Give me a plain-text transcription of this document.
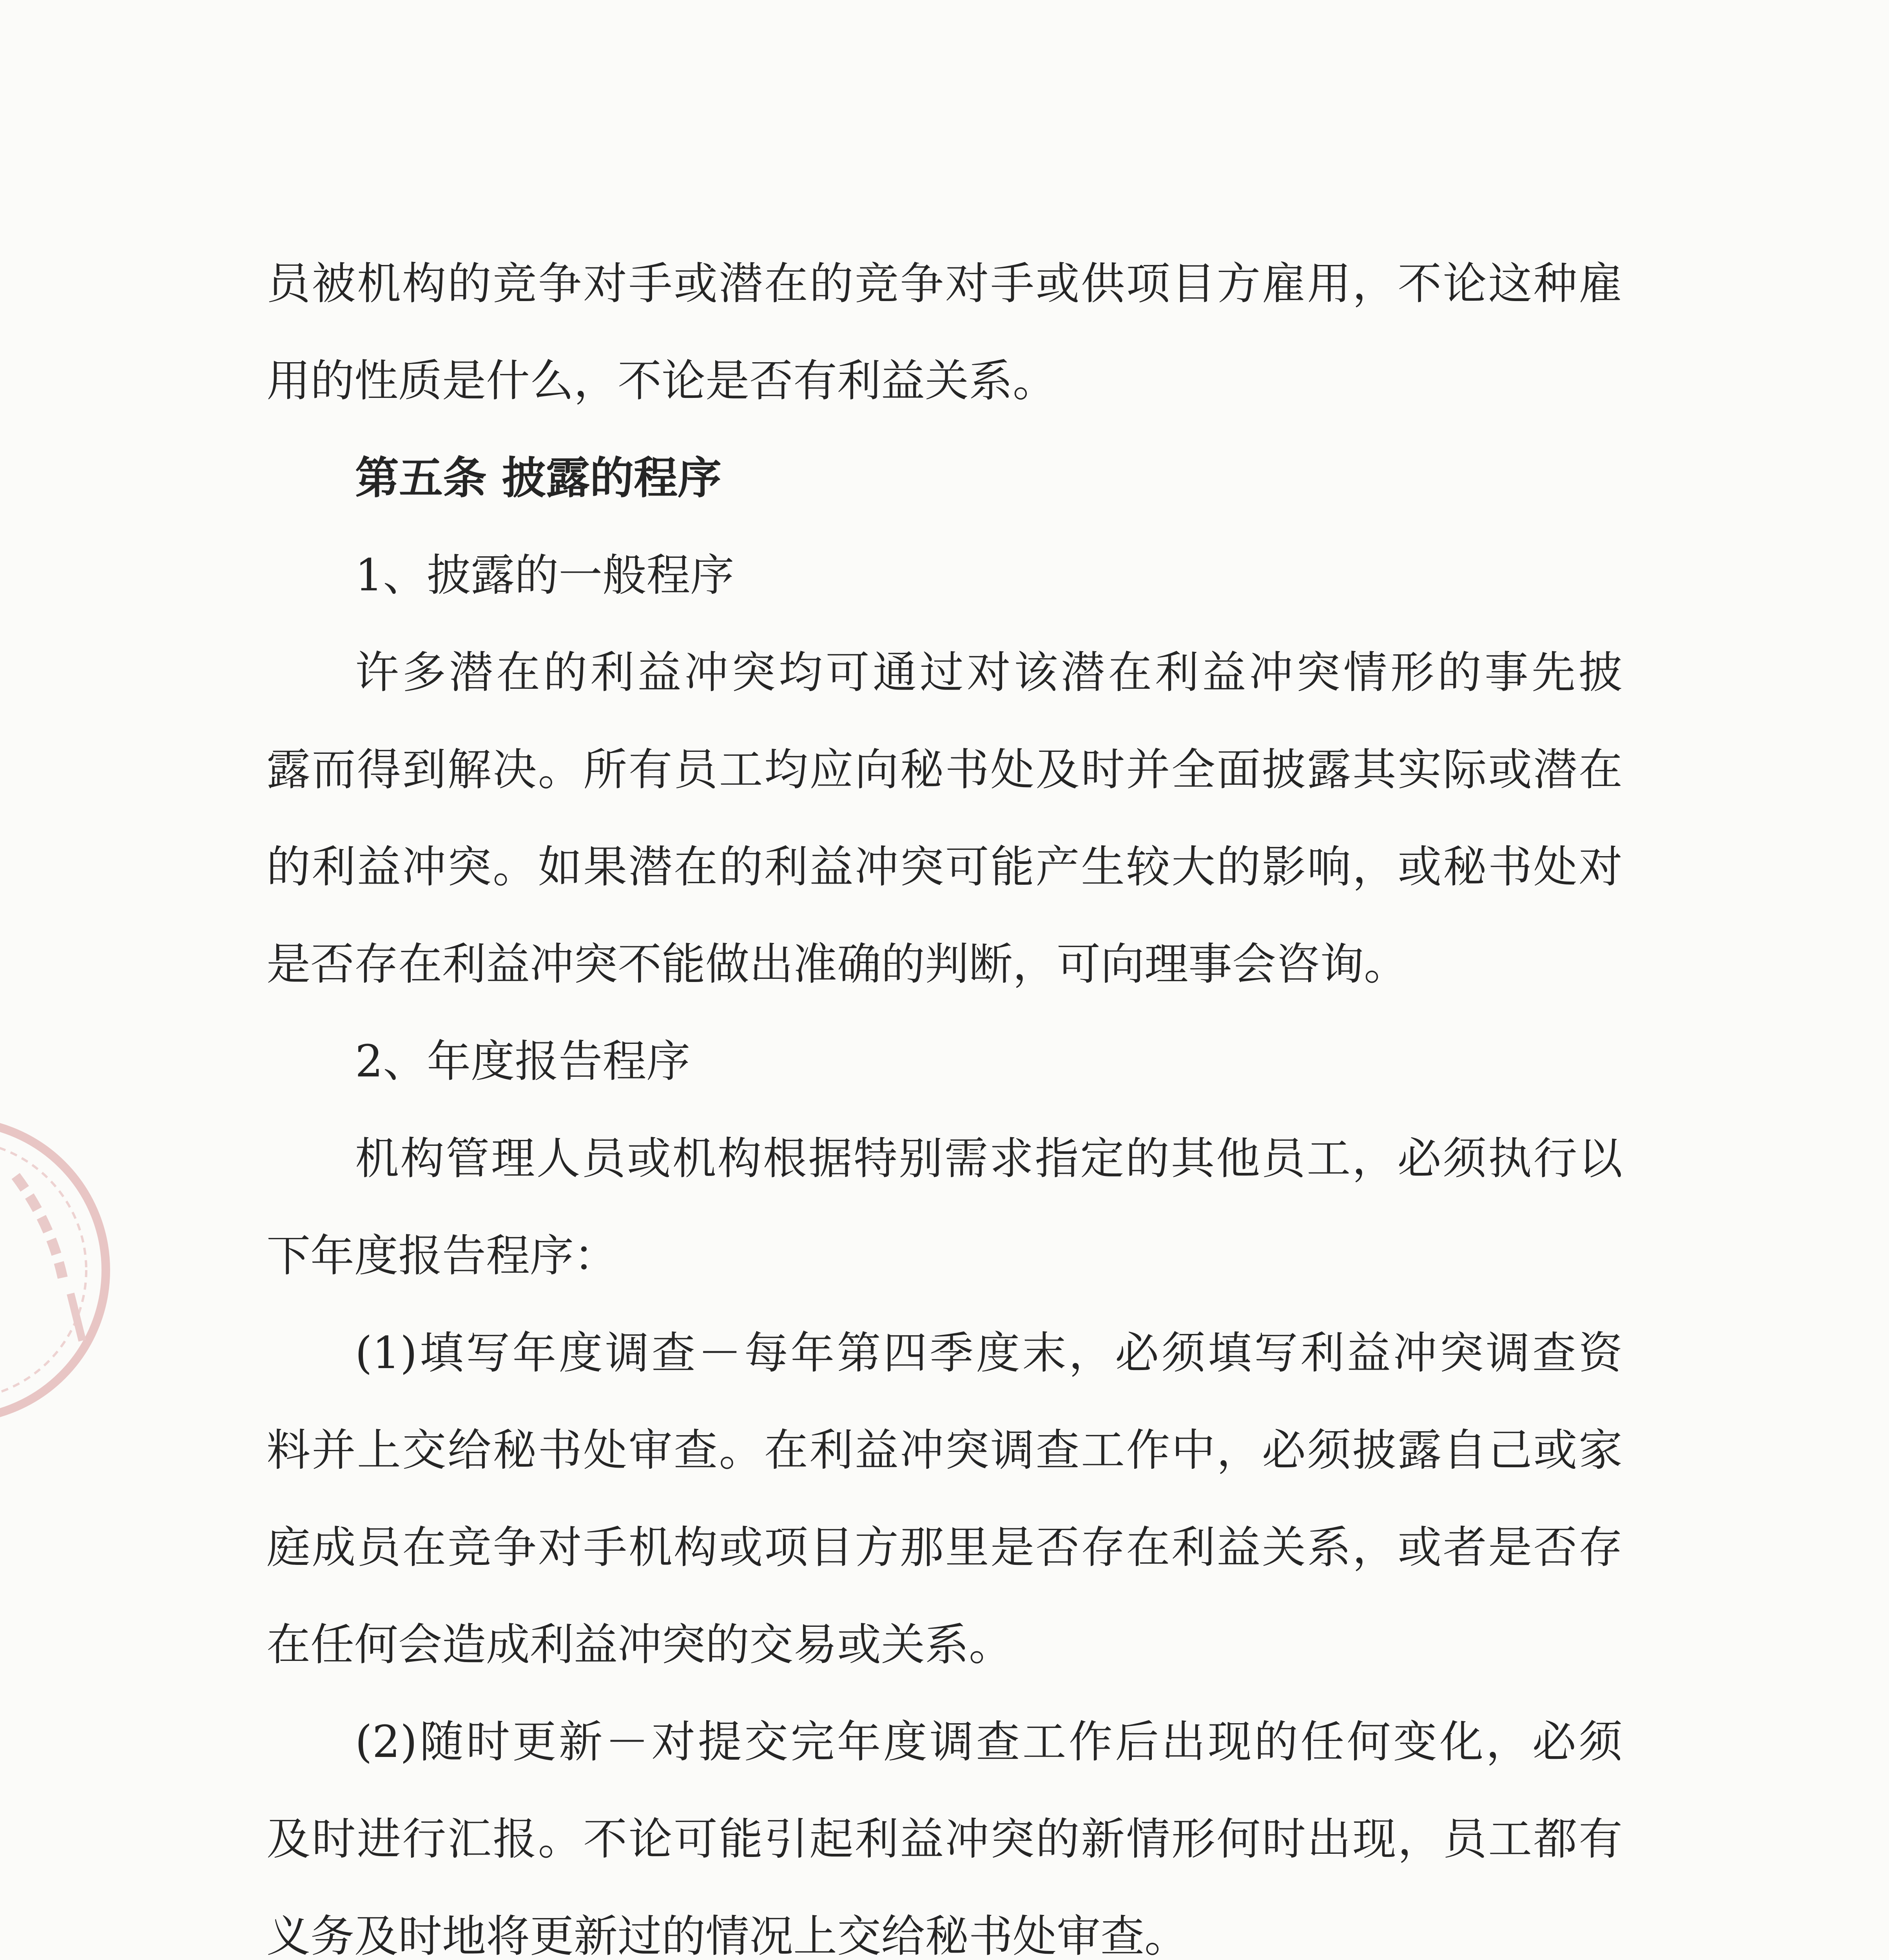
员被机构的竞争对手或潜在的竞争对手或供项目方雇用，不论这种雇
用的性质是什么，不论是否有利益关系。
第五条 披露的程序
1、披露的一般程序
许多潜在的利益冲突均可通过对该潜在利益冲突情形的事先披
露而得到解决。所有员工均应向秘书处及时并全面披露其实际或潜在
的利益冲突。如果潜在的利益冲突可能产生较大的影响，或秘书处对
是否存在利益冲突不能做出准确的判断，可向理事会咨询。
2、年度报告程序
机构管理人员或机构根据特别需求指定的其他员工，必须执行以
下年度报告程序：
(1)填写年度调查－每年第四季度末，必须填写利益冲突调查资
料并上交给秘书处审查。在利益冲突调查工作中，必须披露自己或家
庭成员在竞争对手机构或项目方那里是否存在利益关系，或者是否存
在任何会造成利益冲突的交易或关系。
(2)随时更新－对提交完年度调查工作后出现的任何变化，必须
及时进行汇报。不论可能引起利益冲突的新情形何时出现，员工都有
义务及时地将更新过的情况上交给秘书处审查。
